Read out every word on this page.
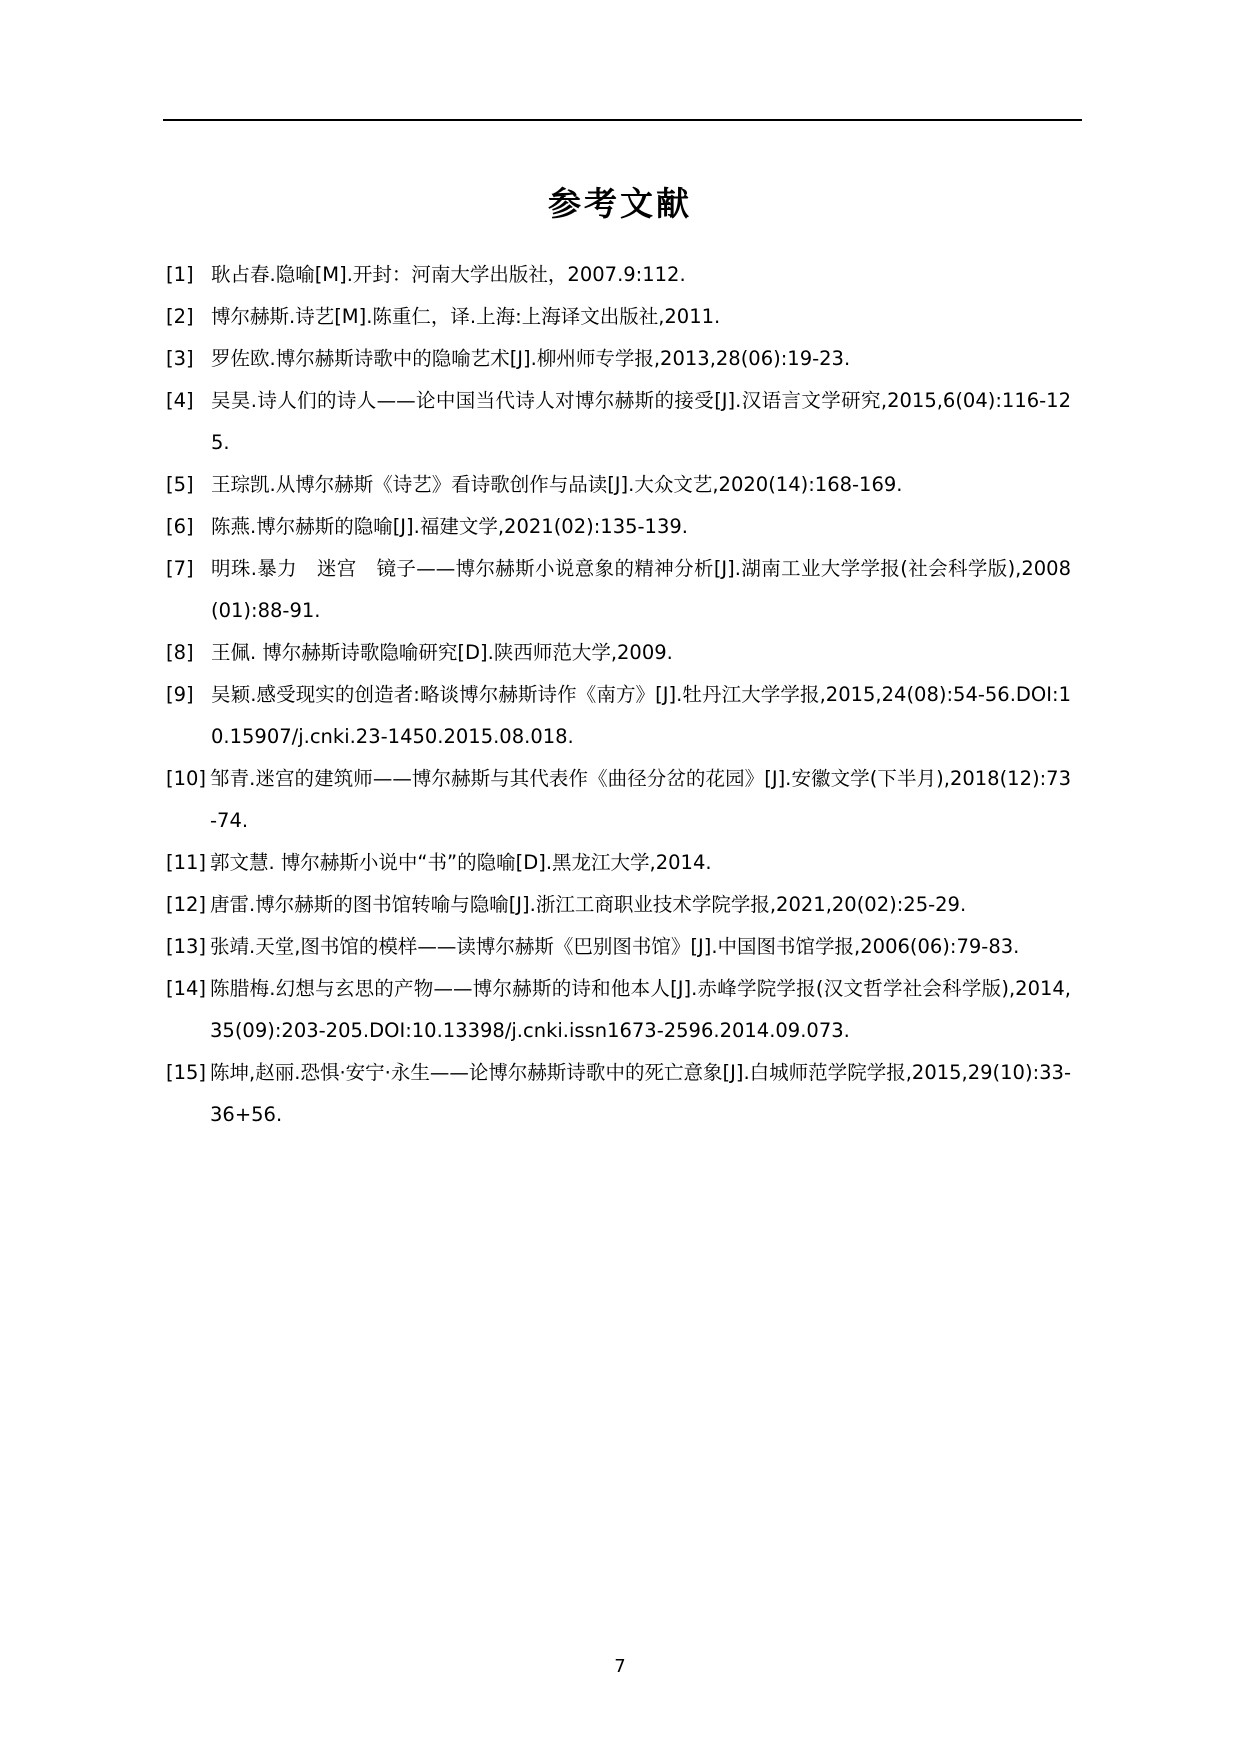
参考文献
[1] 耿占春.隐喻[M].开封：河南大学出版社，2007.9:112.
[2] 博尔赫斯.诗艺[M].陈重仁，译.上海:上海译文出版社,2011.
[3] 罗佐欧.博尔赫斯诗歌中的隐喻艺术[J].柳州师专学报,2013,28(06):19-23.
[4] 吴昊.诗人们的诗人——论中国当代诗人对博尔赫斯的接受[J].汉语言文学研究,2015,6(04):116-125.
[5] 王琮凯.从博尔赫斯《诗艺》看诗歌创作与品读[J].大众文艺,2020(14):168-169.
[6] 陈燕.博尔赫斯的隐喻[J].福建文学,2021(02):135-139.
[7] 明珠.暴力　迷宫　镜子——博尔赫斯小说意象的精神分析[J].湖南工业大学学报(社会科学版),2008(01):88-91.
[8] 王佩. 博尔赫斯诗歌隐喻研究[D].陕西师范大学,2009.
[9] 吴颖.感受现实的创造者:略谈博尔赫斯诗作《南方》[J].牡丹江大学学报,2015,24(08):54-56.DOI:10.15907/j.cnki.23-1450.2015.08.018.
[10] 邹青.迷宫的建筑师——博尔赫斯与其代表作《曲径分岔的花园》[J].安徽文学(下半月),2018(12):73-74.
[11] 郭文慧. 博尔赫斯小说中“书”的隐喻[D].黑龙江大学,2014.
[12] 唐雷.博尔赫斯的图书馆转喻与隐喻[J].浙江工商职业技术学院学报,2021,20(02):25-29.
[13] 张靖.天堂,图书馆的模样——读博尔赫斯《巴别图书馆》[J].中国图书馆学报,2006(06):79-83.
[14] 陈腊梅.幻想与玄思的产物——博尔赫斯的诗和他本人[J].赤峰学院学报(汉文哲学社会科学版),2014,35(09):203-205.DOI:10.13398/j.cnki.issn1673-2596.2014.09.073.
[15] 陈坤,赵丽.恐惧·安宁·永生——论博尔赫斯诗歌中的死亡意象[J].白城师范学院学报,2015,29(10):33-36+56.
7
